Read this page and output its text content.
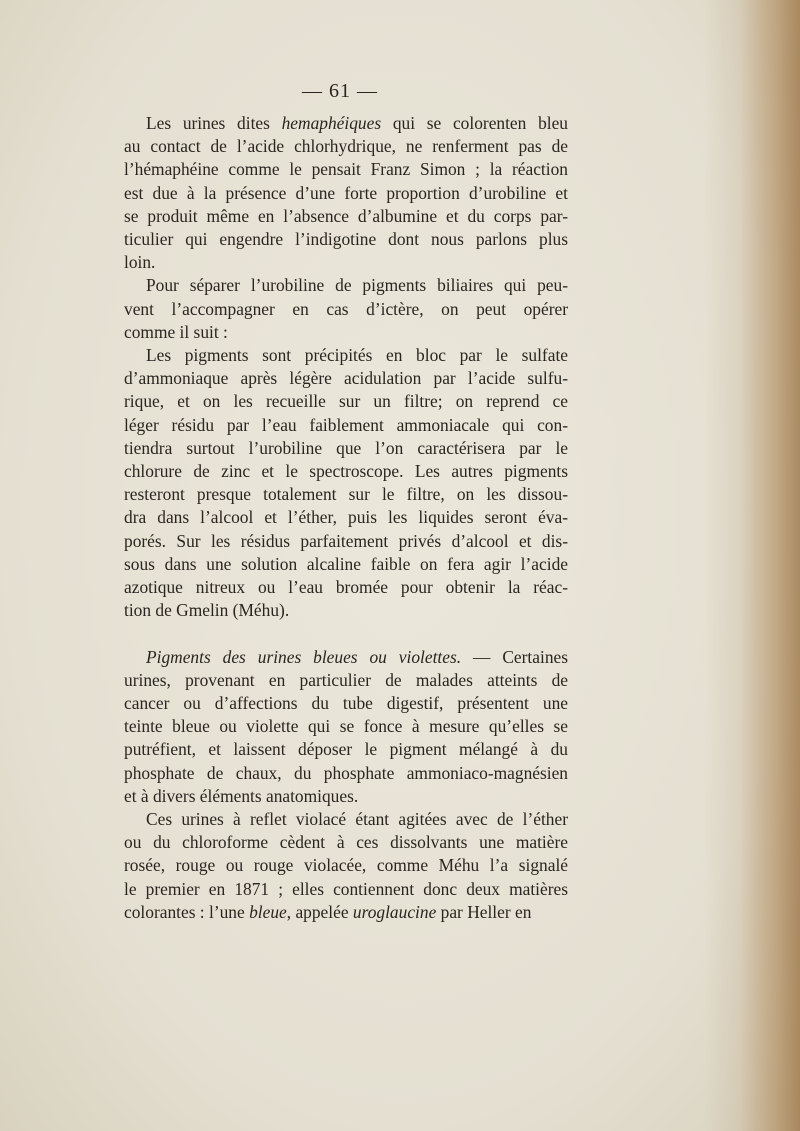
— 61 —
Les urines dites hemaphéiques qui se colorenten bleu
au contact de l’acide chlorhydrique, ne renferment pas de
l’hémaphéine comme le pensait Franz Simon ; la réaction
est due à la présence d’une forte proportion d’urobiline et
se produit même en l’absence d’albumine et du corps par-
ticulier qui engendre l’indigotine dont nous parlons plus
loin.
Pour séparer l’urobiline de pigments biliaires qui peu-
vent l’accompagner en cas d’ictère, on peut opérer
comme il suit :
Les pigments sont précipités en bloc par le sulfate
d’ammoniaque après légère acidulation par l’acide sulfu-
rique, et on les recueille sur un filtre; on reprend ce
léger résidu par l’eau faiblement ammoniacale qui con-
tiendra surtout l’urobiline que l’on caractérisera par le
chlorure de zinc et le spectroscope. Les autres pigments
resteront presque totalement sur le filtre, on les dissou-
dra dans l’alcool et l’éther, puis les liquides seront éva-
porés. Sur les résidus parfaitement privés d’alcool et dis-
sous dans une solution alcaline faible on fera agir l’acide
azotique nitreux ou l’eau bromée pour obtenir la réac-
tion de Gmelin (Méhu).
Pigments des urines bleues ou violettes. — Certaines
urines, provenant en particulier de malades atteints de
cancer ou d’affections du tube digestif, présentent une
teinte bleue ou violette qui se fonce à mesure qu’elles se
putréfient, et laissent déposer le pigment mélangé à du
phosphate de chaux, du phosphate ammoniaco-magnésien
et à divers éléments anatomiques.
Ces urines à reflet violacé étant agitées avec de l’éther
ou du chloroforme cèdent à ces dissolvants une matière
rosée, rouge ou rouge violacée, comme Méhu l’a signalé
le premier en 1871 ; elles contiennent donc deux matières
colorantes : l’une bleue, appelée uroglaucine par Heller en
